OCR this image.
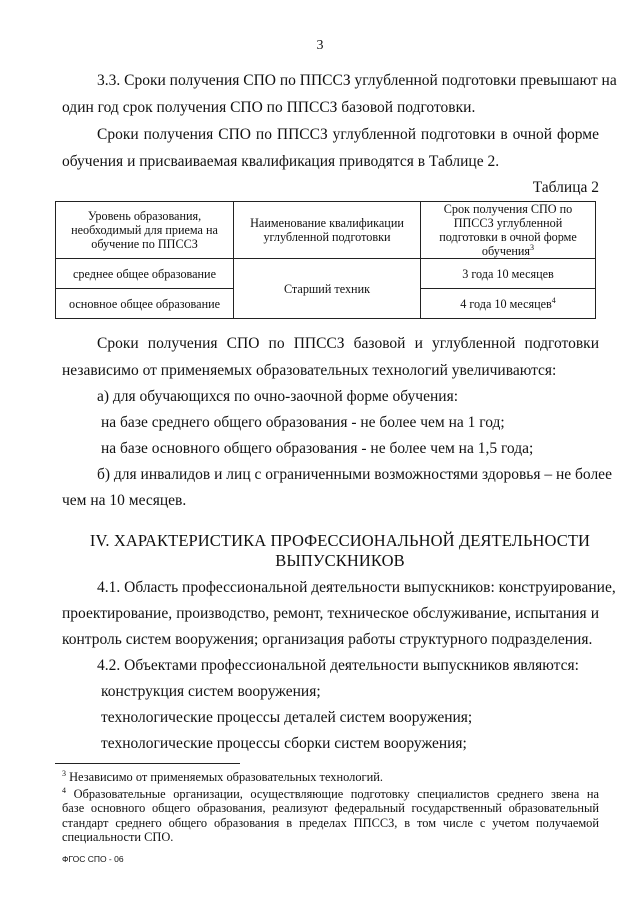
3
3.3. Сроки получения СПО по ППССЗ углубленной подготовки превышают на
один год срок получения СПО по ППССЗ базовой подготовки.
Сроки получения СПО по ППССЗ углубленной подготовки в очной форме
обучения и присваиваемая квалификация приводятся в Таблице 2.
Таблица 2
Уровень образования, необходимый для приема на обучение по ППССЗ	Наименование квалификации углубленной подготовки	Срок получения СПО по ППССЗ углубленной подготовки в очной форме обучения$^3$
среднее общее образование	Старший техник	3 года 10 месяцев
основное общее образование		4 года 10 месяцев$^4$
Сроки получения СПО по ППССЗ базовой и углубленной подготовки
независимо от применяемых образовательных технологий увеличиваются:
а) для обучающихся по очно-заочной форме обучения:
на базе среднего общего образования - не более чем на 1 год;
на базе основного общего образования - не более чем на 1,5 года;
б) для инвалидов и лиц с ограниченными возможностями здоровья – не более
чем на 10 месяцев.
IV. ХАРАКТЕРИСТИКА ПРОФЕССИОНАЛЬНОЙ ДЕЯТЕЛЬНОСТИ
ВЫПУСКНИКОВ
4.1. Область профессиональной деятельности выпускников: конструирование,
проектирование, производство, ремонт, техническое обслуживание, испытания и
контроль систем вооружения; организация работы структурного подразделения.
4.2. Объектами профессиональной деятельности выпускников являются:
конструкция систем вооружения;
технологические процессы деталей систем вооружения;
технологические процессы сборки систем вооружения;
$^3$ Независимо от применяемых образовательных технологий.
$^4$ Образовательные организации, осуществляющие подготовку специалистов среднего звена на
базе основного общего образования, реализуют федеральный государственный образовательный
стандарт среднего общего образования в пределах ППССЗ, в том числе с учетом получаемой
специальности СПО.
ФГОС СПО - 06
